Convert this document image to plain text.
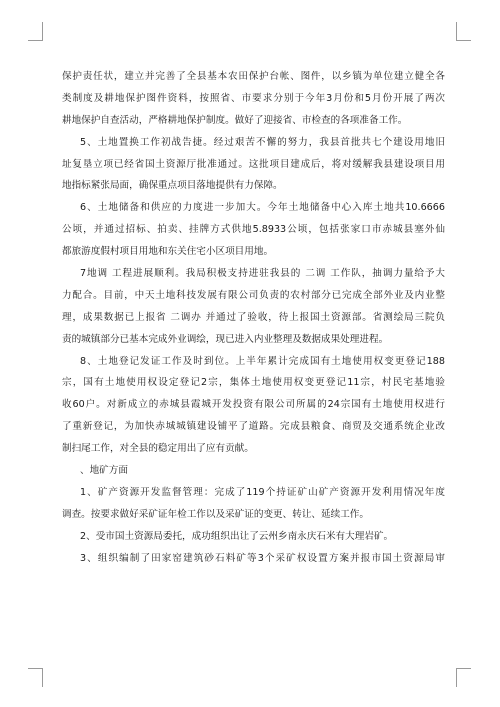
保护责任状，建立并完善了全县基本农田保护台帐、图件，以乡镇为单位建立健全各
类制度及耕地保护图件资料，按照省、市要求分别于今年3月份和5月份开展了两次
耕地保护自查活动，严格耕地保护制度。做好了迎接省、市检查的各项准备工作。
5、土地置换工作初战告捷。经过艰苦不懈的努力，我县首批共七个建设用地旧
址复垦立项已经省国土资源厅批准通过。这批项目建成后，将对缓解我县建设项目用
地指标紧张局面，确保重点项目落地提供有力保障。
6、土地储备和供应的力度进一步加大。今年土地储备中心入库土地共10.6666
公顷，并通过招标、拍卖、挂牌方式供地5.8933公顷，包括张家口市赤城县塞外仙
都旅游度假村项目用地和东关住宅小区项目用地。
7地调 工程进展顺利。我局积极支持进驻我县的 二调 工作队，抽调力量给予大
力配合。目前，中天土地科技发展有限公司负责的农村部分已完成全部外业及内业整
理，成果数据已上报省 二调办 并通过了验收，待上报国土资源部。省测绘局三院负
责的城镇部分已基本完成外业调绘，现已进入内业整理及数据成果处理进程。
8、土地登记发证工作及时到位。上半年累计完成国有土地使用权变更登记188
宗，国有土地使用权设定登记2宗，集体土地使用权变更登记11宗，村民宅基地验
收60户。对新成立的赤城县霞城开发投资有限公司所属的24宗国有土地使用权进行
了重新登记，为加快赤城城镇建设铺平了道路。完成县粮食、商贸及交通系统企业改
制扫尾工作，对全县的稳定用出了应有贡献。
、地矿方面
1、矿产资源开发监督管理：完成了119个持证矿山矿产资源开发利用情况年度
调查。按要求做好采矿证年检工作以及采矿证的变更、转让、延续工作。
2、受市国土资源局委托，成功组织出让了云州乡南永庆石米有大理岩矿。
3、组织编制了田家窑建筑砂石料矿等3个采矿权设置方案并报市国土资源局审
